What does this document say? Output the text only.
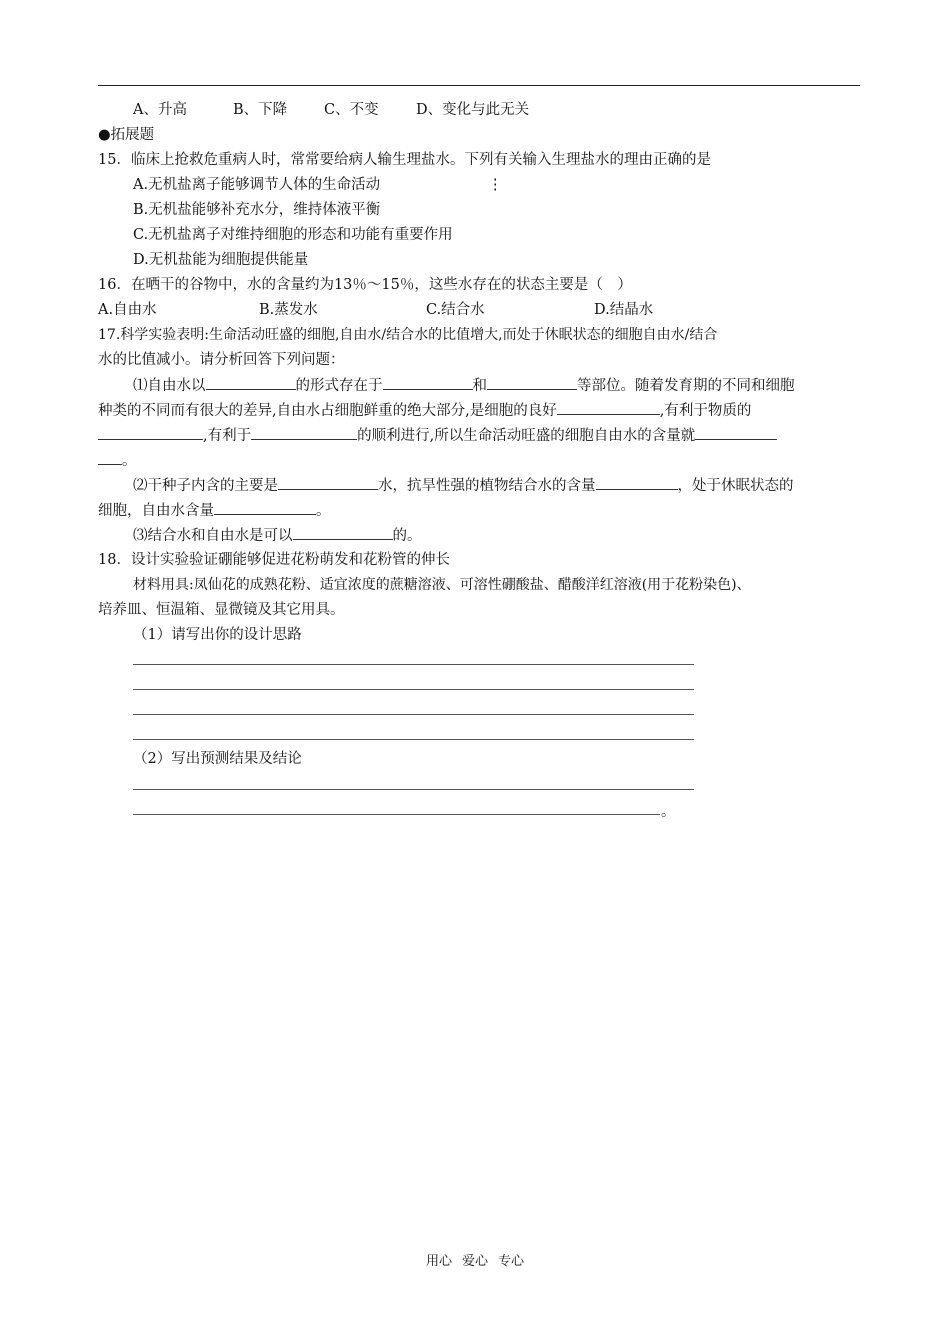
A、升高	B、下降	C、不变	D、变化与此无关
●拓展题
15．临床上抢救危重病人时，常常要给病人输生理盐水。下列有关输入生理盐水的理由正确的是
A.无机盐离子能够调节人体的生命活动	⋮
B.无机盐能够补充水分，维持体液平衡
C.无机盐离子对维持细胞的形态和功能有重要作用
D.无机盐能为细胞提供能量
16．在晒干的谷物中，水的含量约为13％～15％，这些水存在的状态主要是（　）
A.自由水	B.蒸发水	C.结合水	D.结晶水
17.科学实验表明:生命活动旺盛的细胞,自由水/结合水的比值增大,而处于休眠状态的细胞自由水/结合
水的比值减小。请分析回答下列问题：
⑴自由水以	的形式存在于	和	等部位。随着发育期的不同和细胞
种类的不同而有很大的差异,自由水占细胞鲜重的绝大部分,是细胞的良好	,有利于物质的
,有利于	的顺利进行,所以生命活动旺盛的细胞自由水的含量就
。
⑵干种子内含的主要是	水，抗旱性强的植物结合水的含量	，处于休眠状态的
细胞，自由水含量	。
⑶结合水和自由水是可以	的。
18．设计实验验证硼能够促进花粉萌发和花粉管的伸长
材料用具:凤仙花的成熟花粉、适宜浓度的蔗糖溶液、可溶性硼酸盐、醋酸洋红溶液(用于花粉染色)、
培养皿、恒温箱、显微镜及其它用具。
（1）请写出你的设计思路
（2）写出预测结果及结论
。
用心 爱心 专心
